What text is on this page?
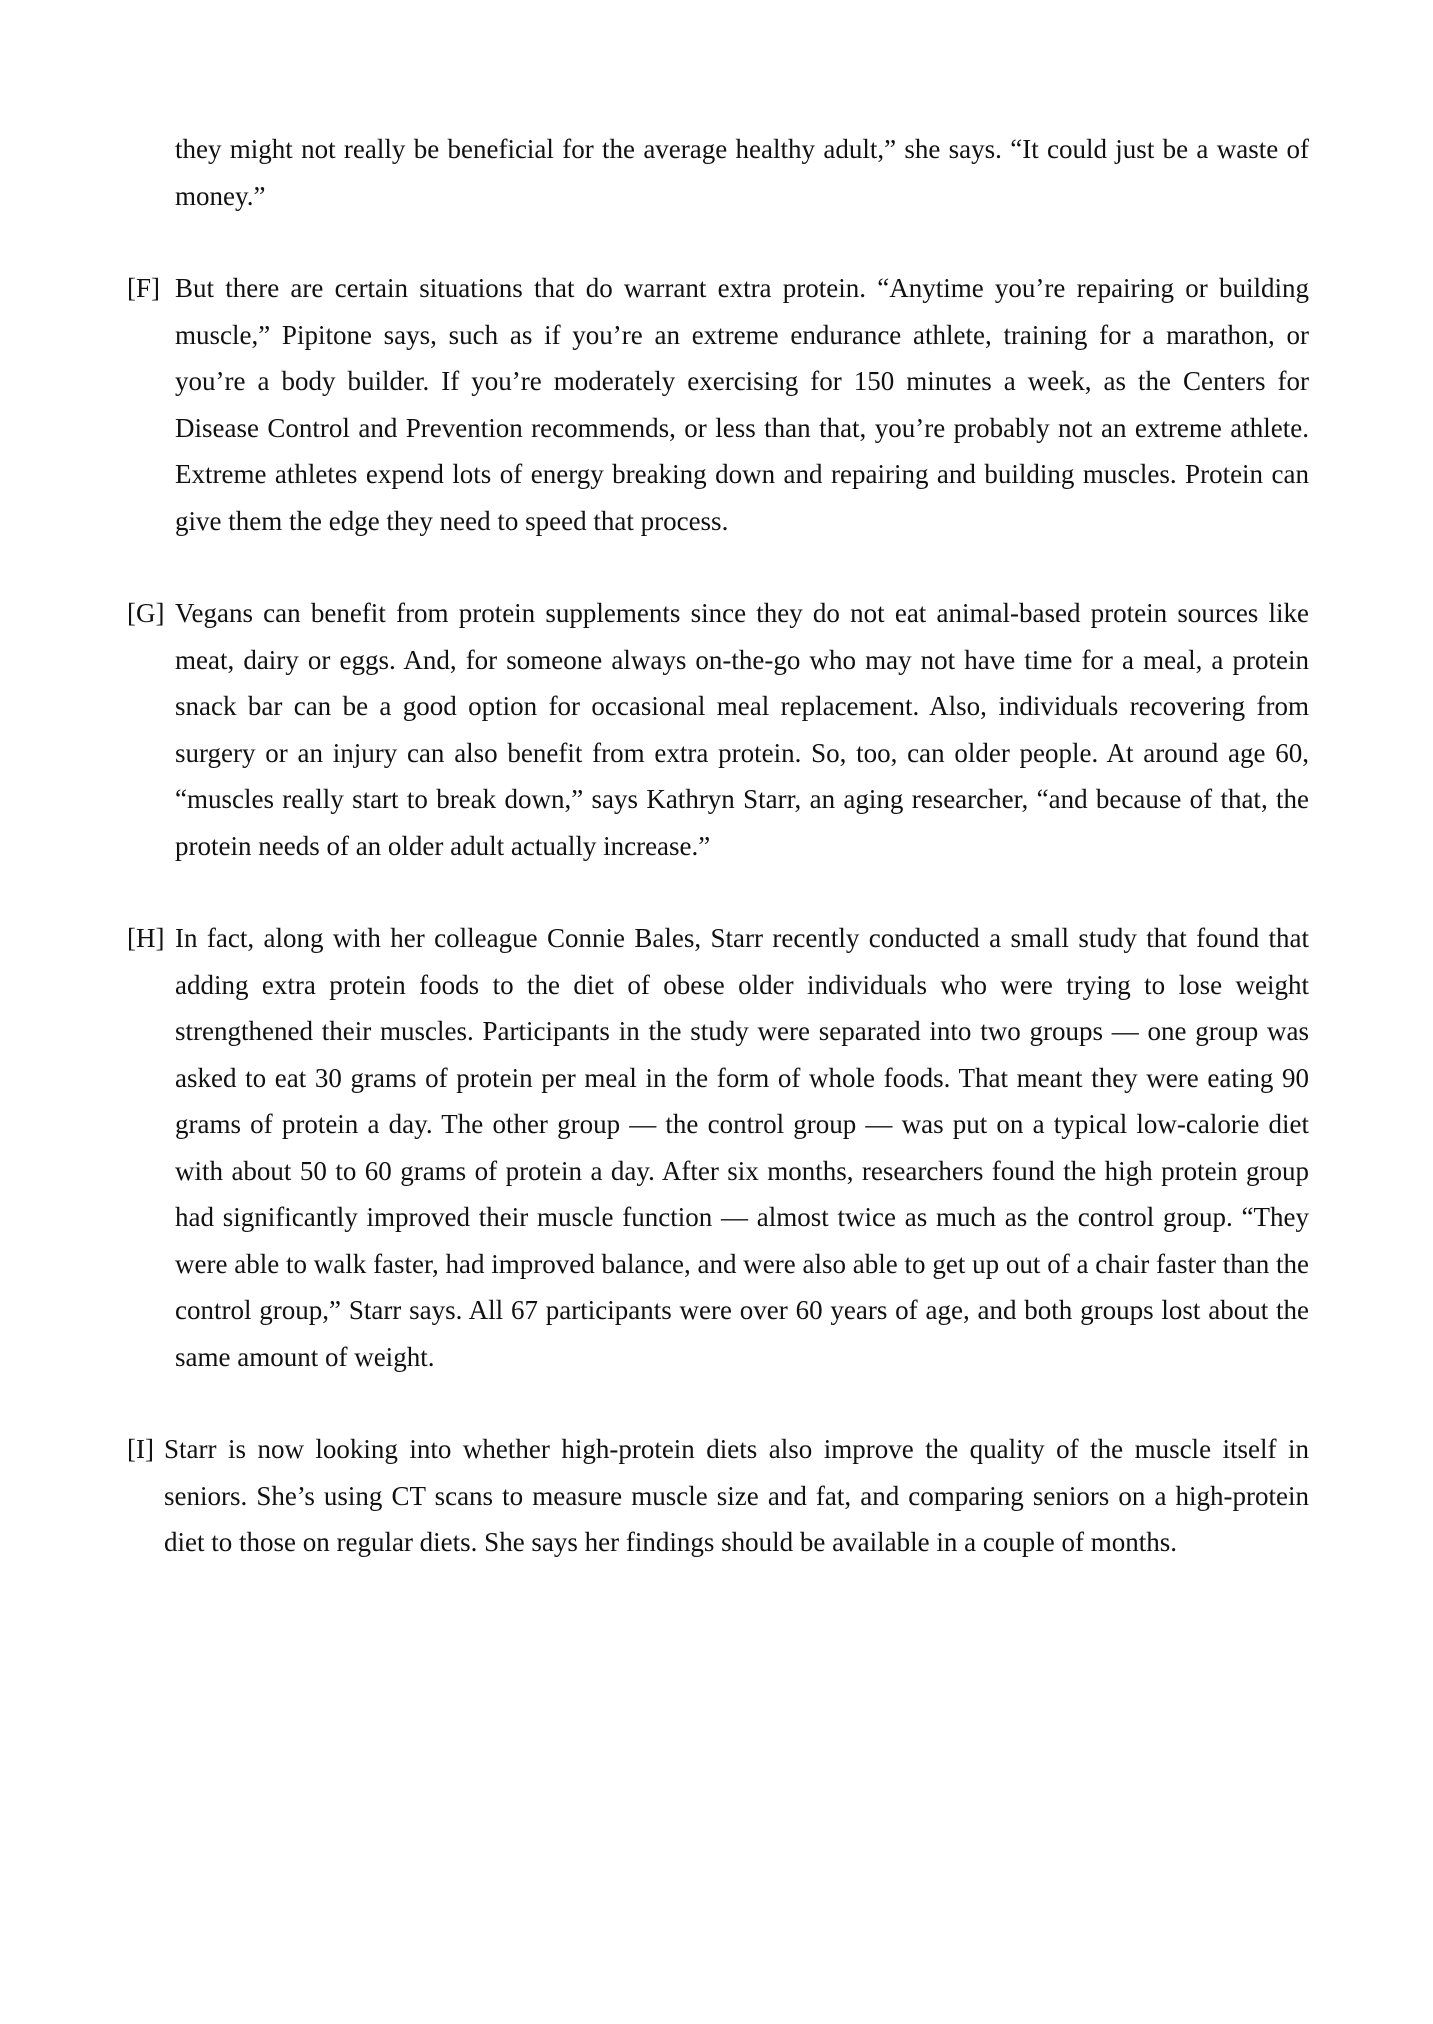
they might not really be beneficial for the average healthy adult,” she says. “It could just be a waste of money.”

[F] But there are certain situations that do warrant extra protein. “Anytime you’re repairing or building muscle,” Pipitone says, such as if you’re an extreme endurance athlete, training for a marathon, or you’re a body builder. If you’re moderately exercising for 150 minutes a week, as the Centers for Disease Control and Prevention recommends, or less than that, you’re probably not an extreme athlete. Extreme athletes expend lots of energy breaking down and repairing and building muscles. Protein can give them the edge they need to speed that process.

[G] Vegans can benefit from protein supplements since they do not eat animal-based protein sources like meat, dairy or eggs. And, for someone always on-the-go who may not have time for a meal, a protein snack bar can be a good option for occasional meal replacement. Also, individuals recovering from surgery or an injury can also benefit from extra protein. So, too, can older people. At around age 60, “muscles really start to break down,” says Kathryn Starr, an aging researcher, “and because of that, the protein needs of an older adult actually increase.”

[H] In fact, along with her colleague Connie Bales, Starr recently conducted a small study that found that adding extra protein foods to the diet of obese older individuals who were trying to lose weight strengthened their muscles. Participants in the study were separated into two groups — one group was asked to eat 30 grams of protein per meal in the form of whole foods. That meant they were eating 90 grams of protein a day. The other group — the control group — was put on a typical low-calorie diet with about 50 to 60 grams of protein a day. After six months, researchers found the high protein group had significantly improved their muscle function — almost twice as much as the control group. “They were able to walk faster, had improved balance, and were also able to get up out of a chair faster than the control group,” Starr says. All 67 participants were over 60 years of age, and both groups lost about the same amount of weight.

[I] Starr is now looking into whether high-protein diets also improve the quality of the muscle itself in seniors. She’s using CT scans to measure muscle size and fat, and comparing seniors on a high-protein diet to those on regular diets. She says her findings should be available in a couple of months.
